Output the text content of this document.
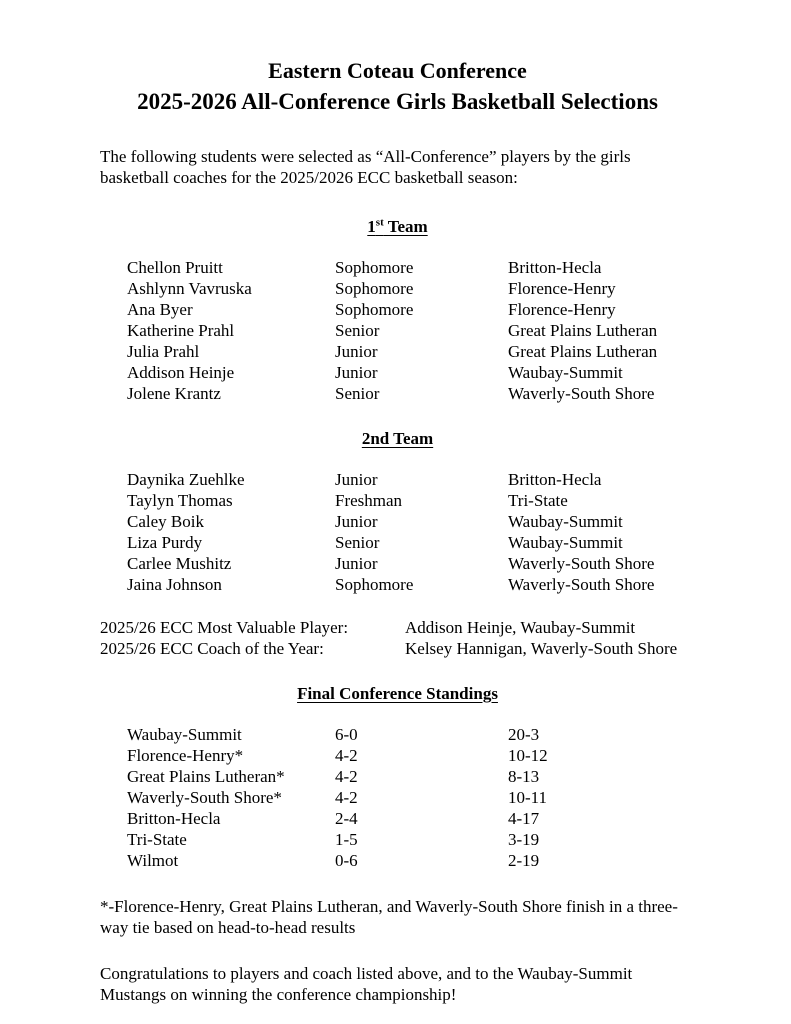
Eastern Coteau Conference
2025-2026 All-Conference Girls Basketball Selections
The following students were selected as “All-Conference” players by the girls basketball coaches for the 2025/2026 ECC basketball season:
1st Team
Chellon Pruitt	Sophomore	Britton-Hecla
Ashlynn Vavruska	Sophomore	Florence-Henry
Ana Byer	Sophomore	Florence-Henry
Katherine Prahl	Senior	Great Plains Lutheran
Julia Prahl	Junior	Great Plains Lutheran
Addison Heinje	Junior	Waubay-Summit
Jolene Krantz	Senior	Waverly-South Shore
2nd Team
Daynika Zuehlke	Junior	Britton-Hecla
Taylyn Thomas	Freshman	Tri-State
Caley Boik	Junior	Waubay-Summit
Liza Purdy	Senior	Waubay-Summit
Carlee Mushitz	Junior	Waverly-South Shore
Jaina Johnson	Sophomore	Waverly-South Shore
2025/26 ECC Most Valuable Player:	Addison Heinje, Waubay-Summit
2025/26 ECC Coach of the Year:	Kelsey Hannigan, Waverly-South Shore
Final Conference Standings
Waubay-Summit	6-0	20-3
Florence-Henry*	4-2	10-12
Great Plains Lutheran*	4-2	8-13
Waverly-South Shore*	4-2	10-11
Britton-Hecla	2-4	4-17
Tri-State	1-5	3-19
Wilmot	0-6	2-19
*-Florence-Henry, Great Plains Lutheran, and Waverly-South Shore finish in a three-way tie based on head-to-head results
Congratulations to players and coach listed above, and to the Waubay-Summit Mustangs on winning the conference championship!
